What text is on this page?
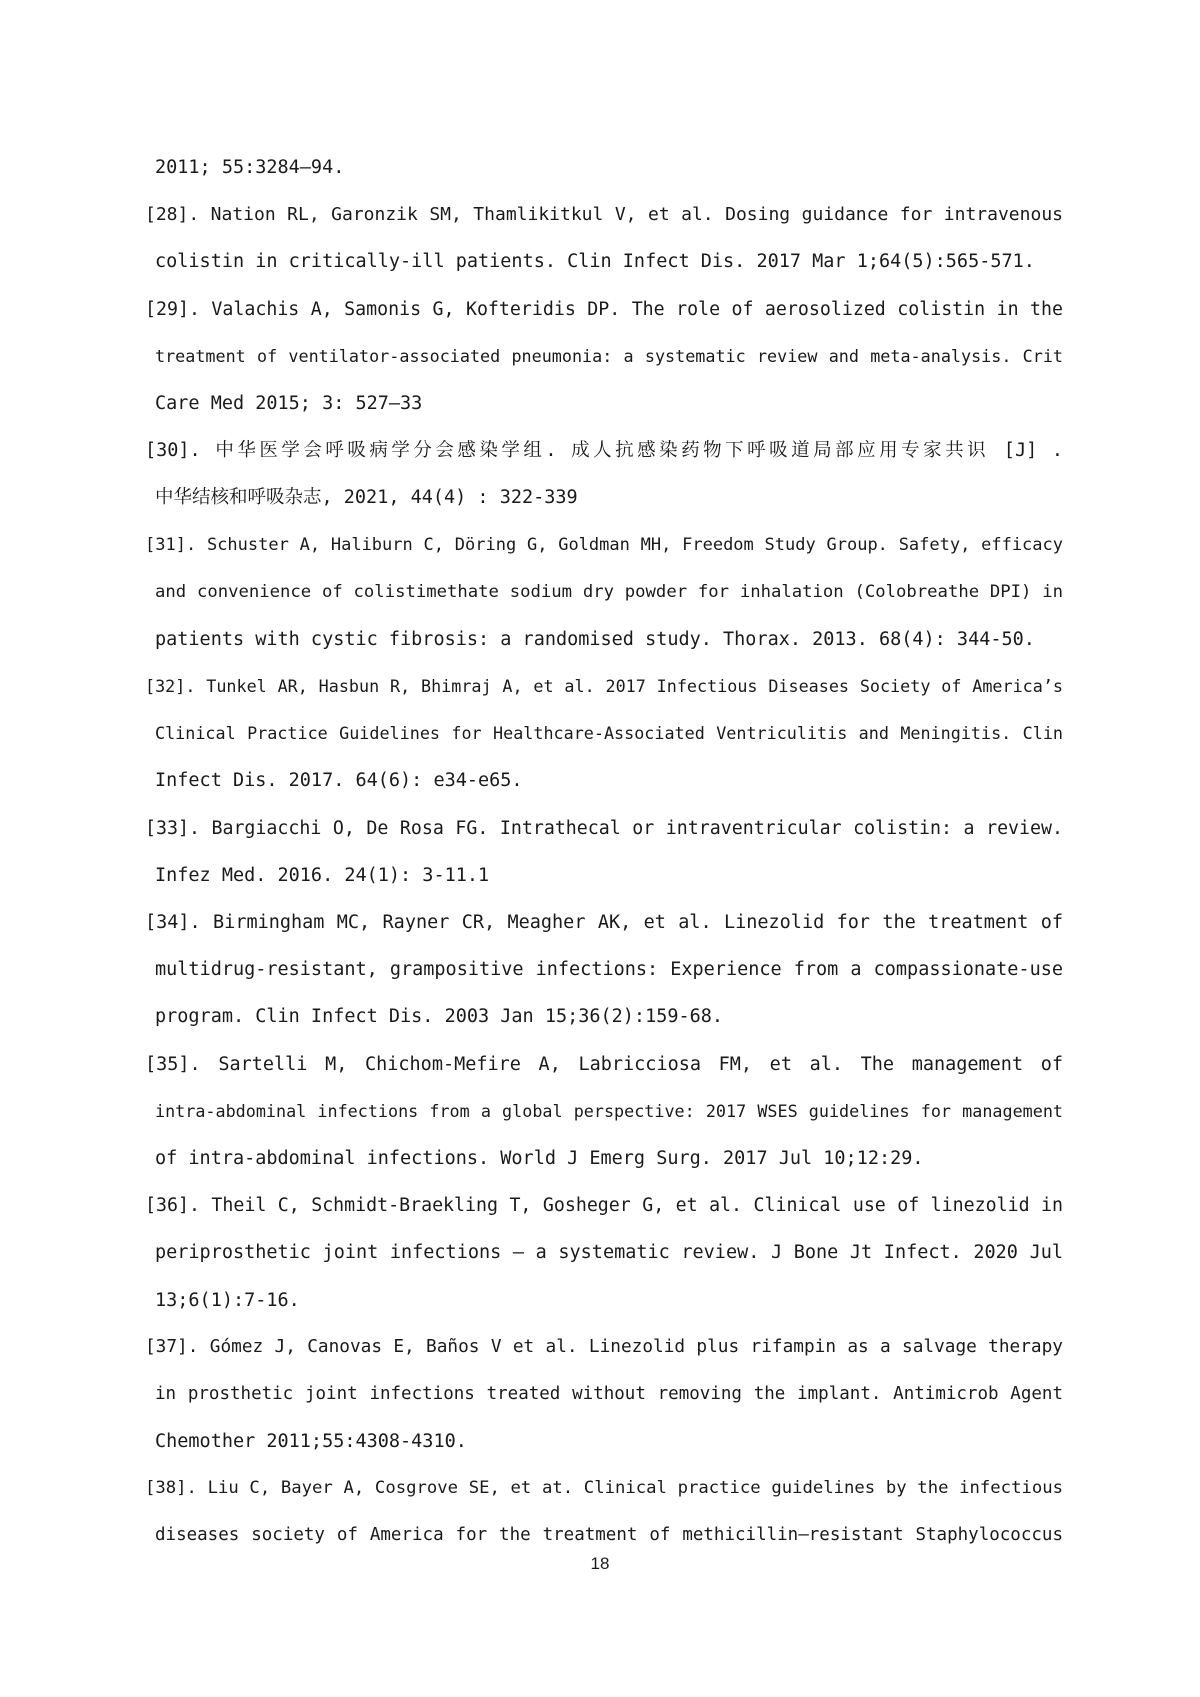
2011; 55:3284–94.
[28]. Nation RL, Garonzik SM, Thamlikitkul V, et al. Dosing guidance for intravenous
colistin in critically-ill patients. Clin Infect Dis. 2017 Mar 1;64(5):565-571.
[29]. Valachis A, Samonis G, Kofteridis DP. The role of aerosolized colistin in the
treatment of ventilator-associated pneumonia: a systematic review and meta-analysis. Crit
Care Med 2015; 3: 527–33
[30]. 中华医学会呼吸病学分会感染学组. 成人抗感染药物下呼吸道局部应用专家共识 [J] .
中华结核和呼吸杂志, 2021, 44(4) : 322-339
[31]. Schuster A, Haliburn C, Döring G, Goldman MH, Freedom Study Group. Safety, efficacy
and convenience of colistimethate sodium dry powder for inhalation (Colobreathe DPI) in
patients with cystic fibrosis: a randomised study. Thorax. 2013. 68(4): 344-50.
[32]. Tunkel AR, Hasbun R, Bhimraj A, et al. 2017 Infectious Diseases Society of America’s
Clinical Practice Guidelines for Healthcare-Associated Ventriculitis and Meningitis. Clin
Infect Dis. 2017. 64(6): e34-e65.
[33]. Bargiacchi O, De Rosa FG. Intrathecal or intraventricular colistin: a review.
Infez Med. 2016. 24(1): 3-11.1
[34]. Birmingham MC, Rayner CR, Meagher AK, et al. Linezolid for the treatment of
multidrug-resistant, grampositive infections: Experience from a compassionate-use
program. Clin Infect Dis. 2003 Jan 15;36(2):159-68.
[35]. Sartelli M, Chichom-Mefire A, Labricciosa FM, et al. The management of
intra-abdominal infections from a global perspective: 2017 WSES guidelines for management
of intra-abdominal infections. World J Emerg Surg. 2017 Jul 10;12:29.
[36]. Theil C, Schmidt-Braekling T, Gosheger G, et al. Clinical use of linezolid in
periprosthetic joint infections – a systematic review. J Bone Jt Infect. 2020 Jul
13;6(1):7-16.
[37]. Gómez J, Canovas E, Baños V et al. Linezolid plus rifampin as a salvage therapy
in prosthetic joint infections treated without removing the implant. Antimicrob Agent
Chemother 2011;55:4308-4310.
[38]. Liu C, Bayer A, Cosgrove SE, et at. Clinical practice guidelines by the infectious
diseases society of America for the treatment of methicillin—resistant Staphylococcus
18
